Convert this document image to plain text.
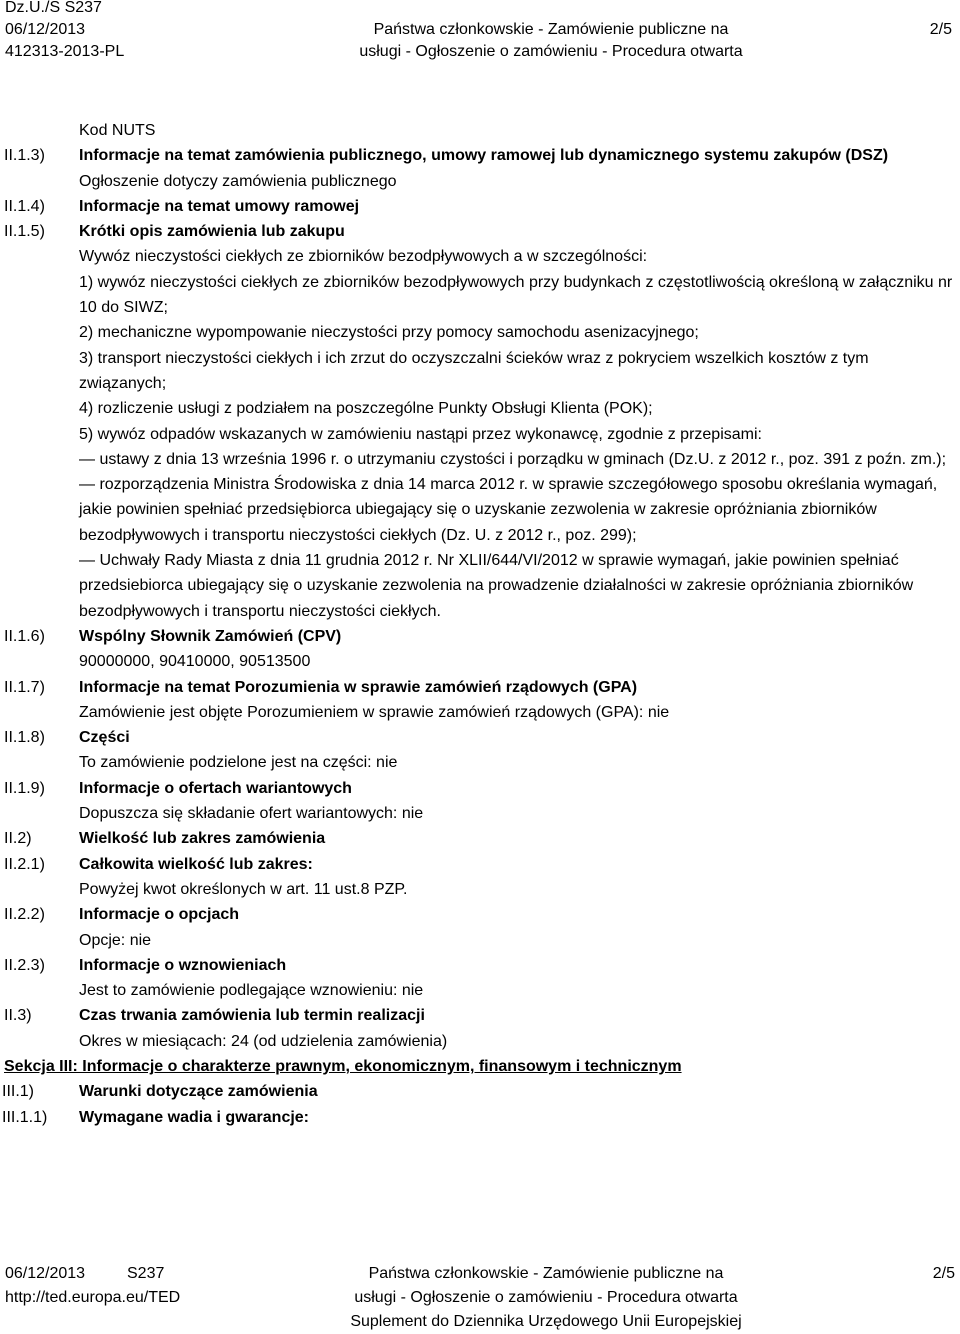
Dz.U./S S237
06/12/2013
412313-2013-PL
Państwa członkowskie - Zamówienie publiczne na
usługi - Ogłoszenie o zamówieniu - Procedura otwarta
2/5
Kod NUTS
II.1.3) Informacje na temat zamówienia publicznego, umowy ramowej lub dynamicznego systemu zakupów (DSZ)
Ogłoszenie dotyczy zamówienia publicznego
II.1.4) Informacje na temat umowy ramowej
II.1.5) Krótki opis zamówienia lub zakupu
Wywóz nieczystości ciekłych ze zbiorników bezodpływowych a w szczególności:
1) wywóz nieczystości ciekłych ze zbiorników bezodpływowych przy budynkach z częstotliwością określoną w załączniku nr 10 do SIWZ;
2) mechaniczne wypompowanie nieczystości przy pomocy samochodu asenizacyjnego;
3) transport nieczystości ciekłych i ich zrzut do oczyszczalni ścieków wraz z pokryciem wszelkich kosztów z tym związanych;
4) rozliczenie usługi z podziałem na poszczególne Punkty Obsługi Klienta (POK);
5) wywóz odpadów wskazanych w zamówieniu nastąpi przez wykonawcę, zgodnie z przepisami:
— ustawy z dnia 13 września 1996 r. o utrzymaniu czystości i porządku w gminach (Dz.U. z 2012 r., poz. 391 z poźn. zm.);
— rozporządzenia Ministra Środowiska z dnia 14 marca 2012 r. w sprawie szczegółowego sposobu określania wymagań, jakie powinien spełniać przedsiębiorca ubiegający się o uzyskanie zezwolenia w zakresie opróżniania zbiorników bezodpływowych i transportu nieczystości ciekłych (Dz. U. z 2012 r., poz. 299);
— Uchwały Rady Miasta z dnia 11 grudnia 2012 r. Nr XLII/644/VI/2012 w sprawie wymagań, jakie powinien spełniać przedsiebiorca ubiegający się o uzyskanie zezwolenia na prowadzenie działalności w zakresie opróżniania zbiorników bezodpływowych i transportu nieczystości ciekłych.
II.1.6) Wspólny Słownik Zamówień (CPV)
90000000, 90410000, 90513500
II.1.7) Informacje na temat Porozumienia w sprawie zamówień rządowych (GPA)
Zamówienie jest objęte Porozumieniem w sprawie zamówień rządowych (GPA): nie
II.1.8) Części
To zamówienie podzielone jest na części: nie
II.1.9) Informacje o ofertach wariantowych
Dopuszcza się składanie ofert wariantowych: nie
II.2)	Wielkość lub zakres zamówienia
II.2.1) Całkowita wielkość lub zakres:
Powyżej kwot określonych w art. 11 ust.8 PZP.
II.2.2) Informacje o opcjach
Opcje: nie
II.2.3) Informacje o wznowieniach
Jest to zamówienie podlegające wznowieniu: nie
II.3)	Czas trwania zamówienia lub termin realizacji
Okres w miesiącach: 24 (od udzielenia zamówienia)
Sekcja III: Informacje o charakterze prawnym, ekonomicznym, finansowym i technicznym
III.1)	Warunki dotyczące zamówienia
III.1.1) Wymagane wadia i gwarancje:
06/12/2013	S237
http://ted.europa.eu/TED
Państwa członkowskie - Zamówienie publiczne na
usługi - Ogłoszenie o zamówieniu - Procedura otwarta
Suplement do Dziennika Urzędowego Unii Europejskiej
2/5
